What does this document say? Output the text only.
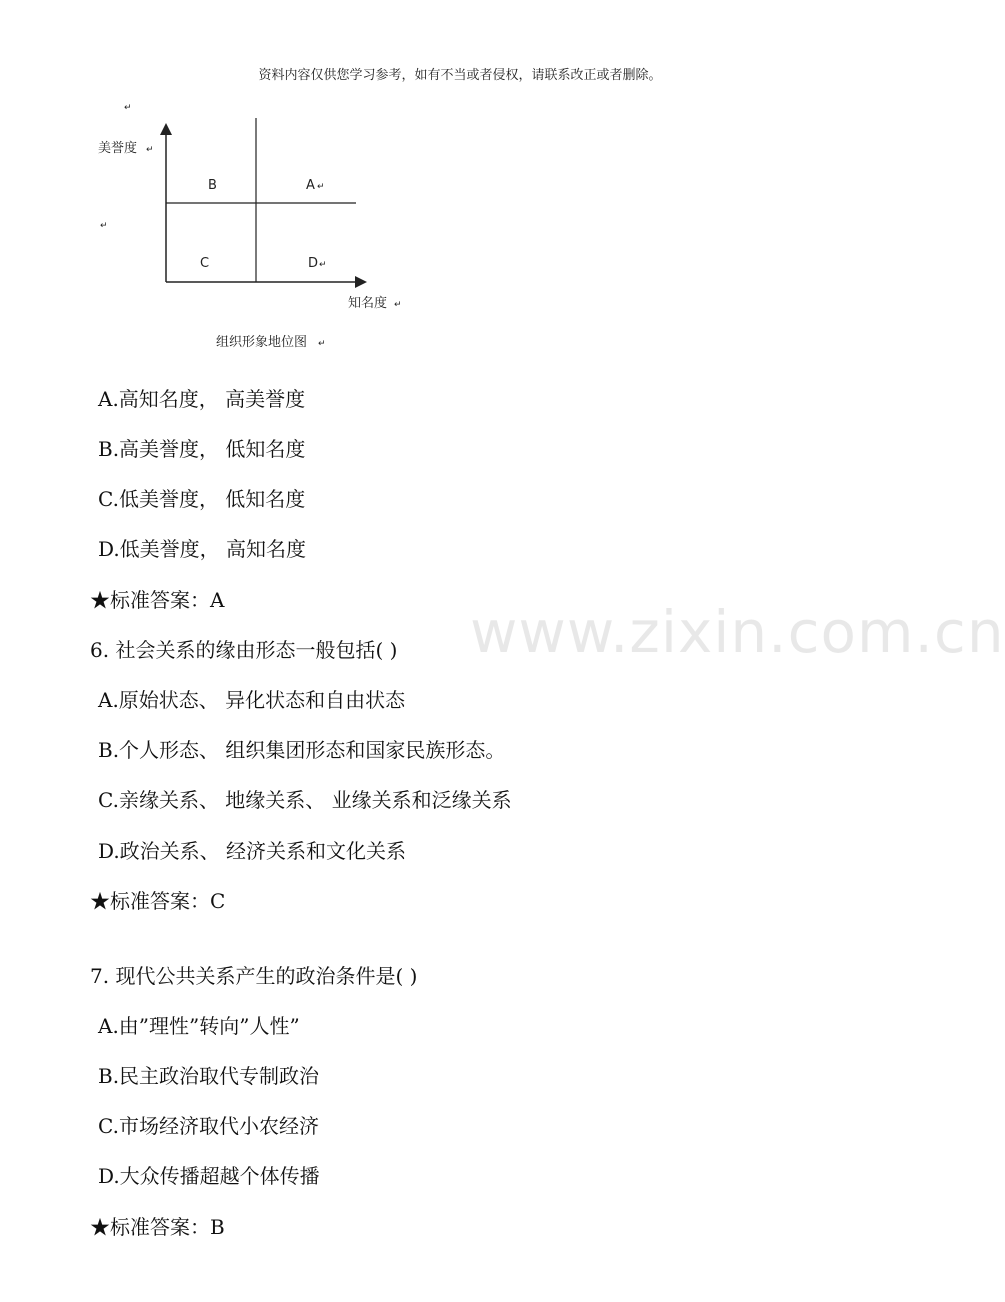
资料内容仅供您学习参考，如有不当或者侵权，请联系改正或者删除。
↵
美誉度 ↵
↵
B	A ↵
C	D ↵
知名度 ↵
组织形象地位图 ↵
A.高知名度， 高美誉度
B.高美誉度， 低知名度
C.低美誉度， 低知名度
D.低美誉度， 高知名度
★标准答案：A
6. 社会关系的缘由形态一般包括( )
A.原始状态、 异化状态和自由状态
B.个人形态、 组织集团形态和国家民族形态。
C.亲缘关系、 地缘关系、 业缘关系和泛缘关系
D.政治关系、 经济关系和文化关系
★标准答案：C
7. 现代公共关系产生的政治条件是( )
A.由”理性”转向”人性”
B.民主政治取代专制政治
C.市场经济取代小农经济
D.大众传播超越个体传播
★标准答案：B
www.zixin.com.cn
